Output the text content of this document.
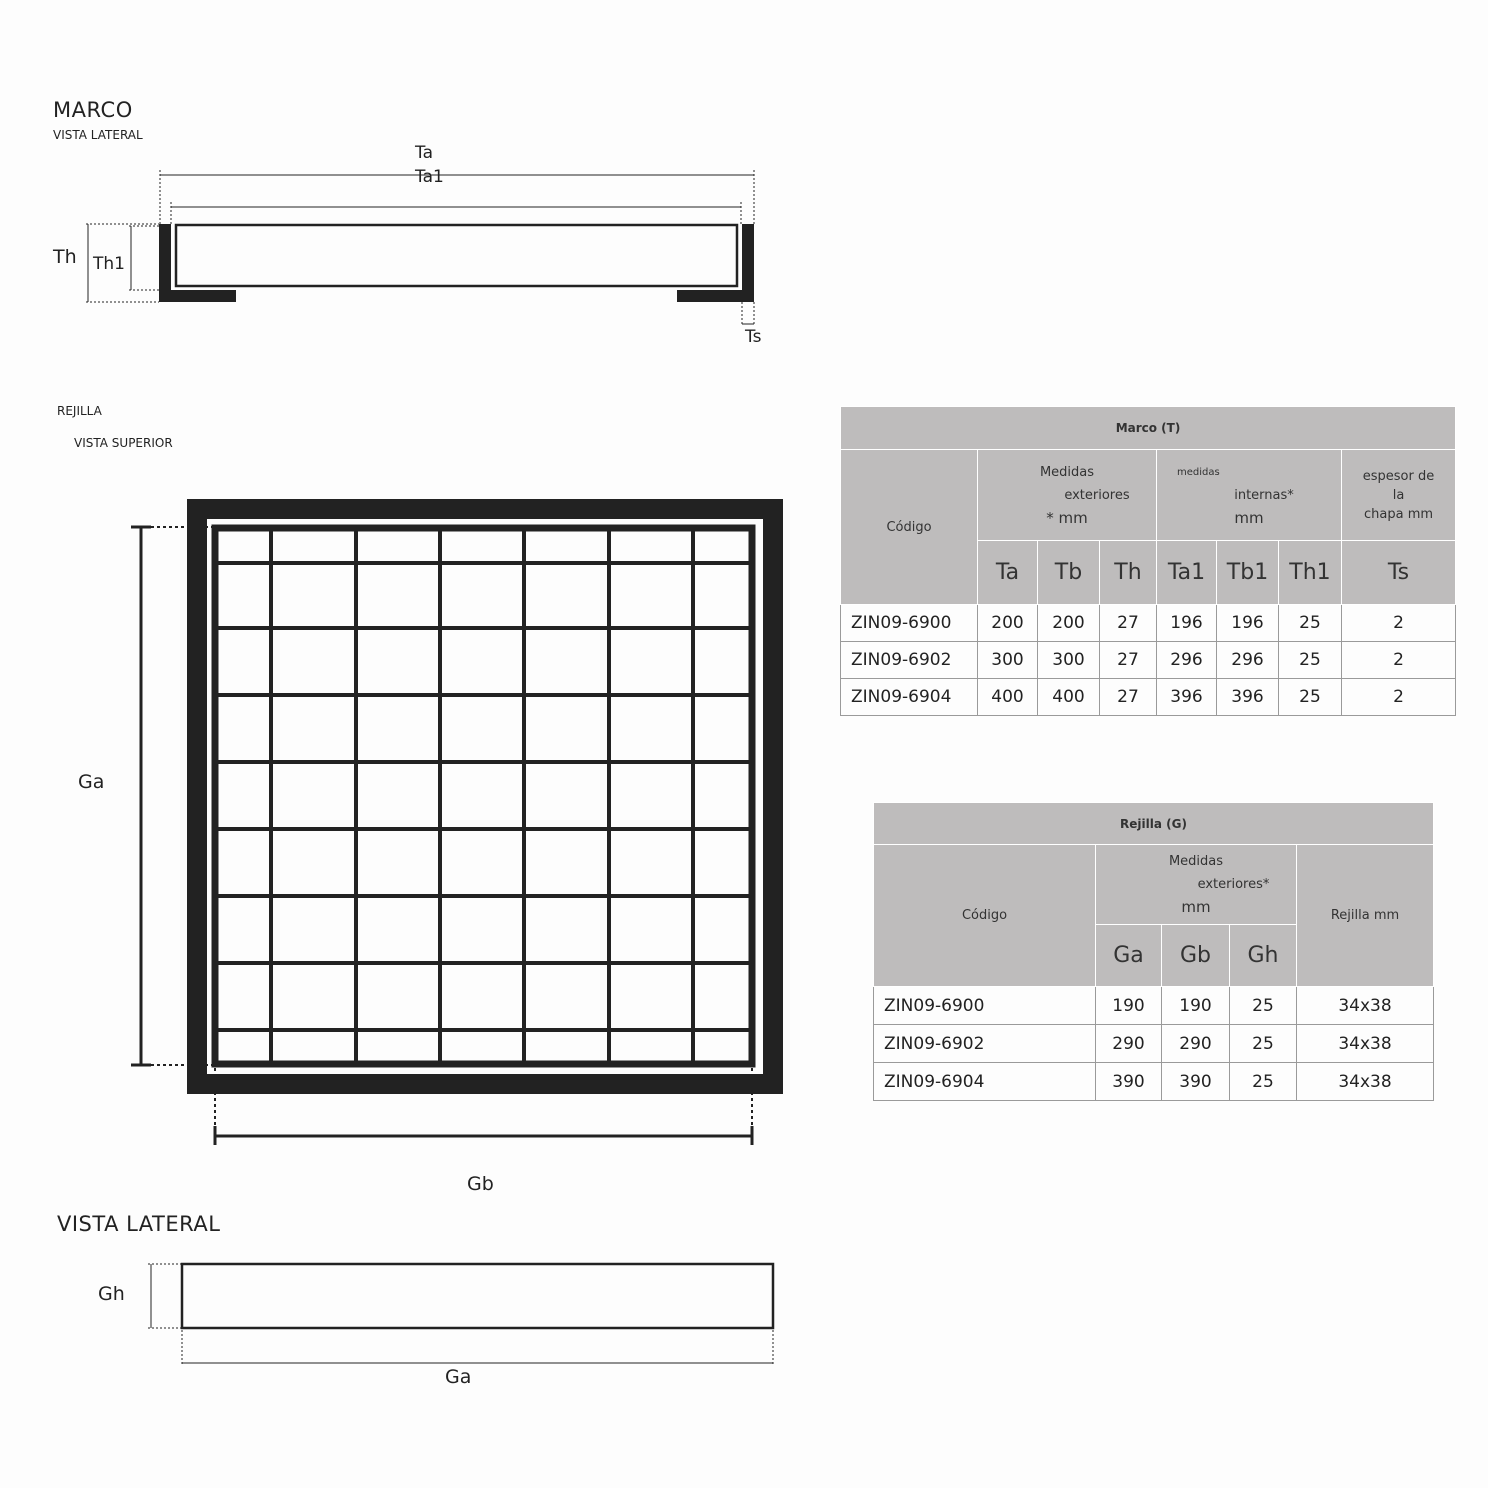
MARCO
VISTA LATERAL
Ta
Ta1
Th Th1
Ts
REJILLA
VISTA SUPERIOR
Ga
Gb
VISTA LATERAL
Gh
Ga
Marco (T)							
Código	Medidas
exteriores
* mm			medidas
internas*
mm			espesor de
la
chapa mm

	Ta	Tb	Th	Ta1	Tb1	Th1	Ts
ZIN09-6900	200	200	27	196	196	25	2
ZIN09-6902	300	300	27	296	296	25	2
ZIN09-6904	400	400	27	396	396	25	2
Rejilla (G)				
Código	Medidas
exteriores*
mm			Rejilla mm
	Ga	Gb	Gh	
ZIN09-6900	190	190	25	34x38
ZIN09-6902	290	290	25	34x38
ZIN09-6904	390	390	25	34x38
